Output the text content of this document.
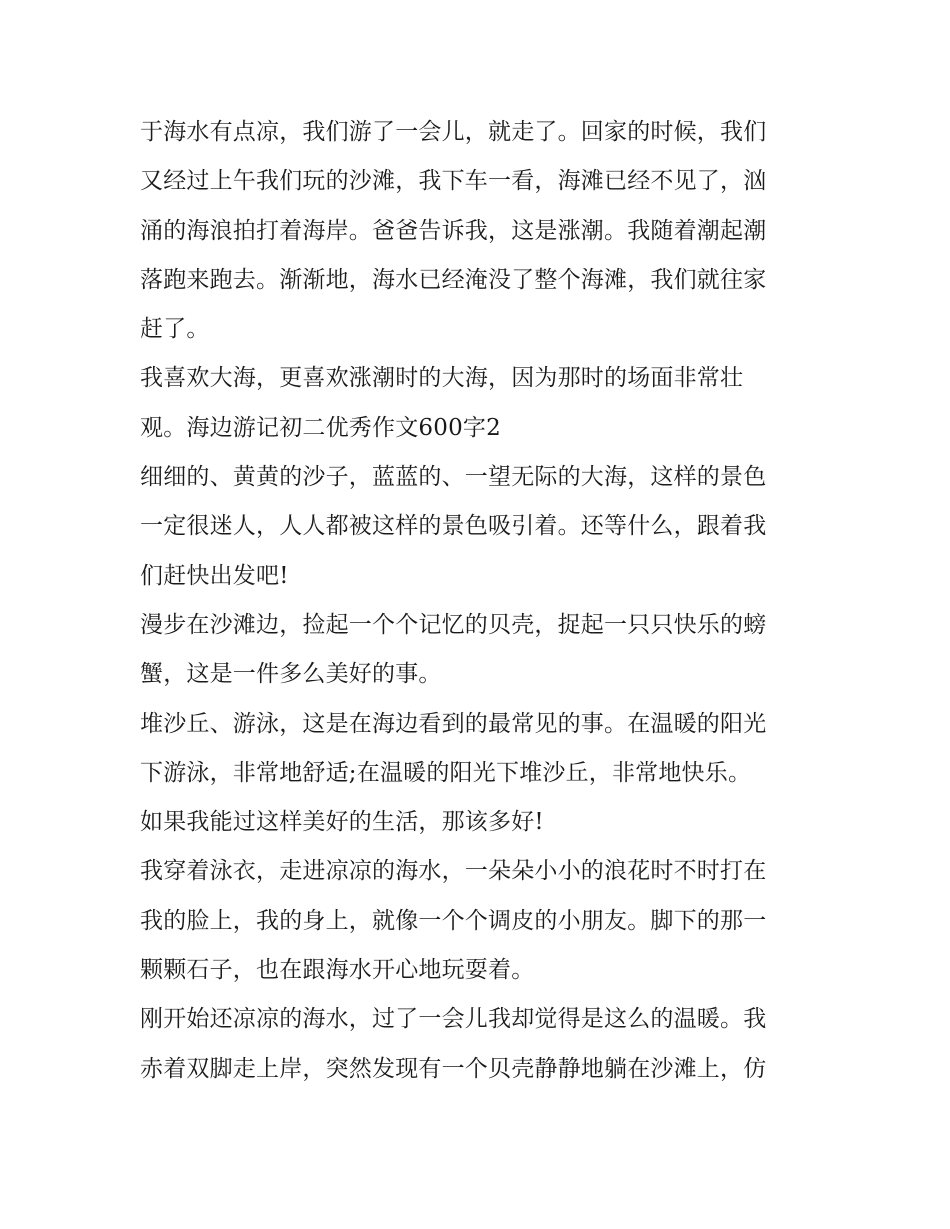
于海水有点凉，我们游了一会儿，就走了。回家的时候，我们
又经过上午我们玩的沙滩，我下车一看，海滩已经不见了，汹
涌的海浪拍打着海岸。爸爸告诉我，这是涨潮。我随着潮起潮
落跑来跑去。渐渐地，海水已经淹没了整个海滩，我们就往家
赶了。

我喜欢大海，更喜欢涨潮时的大海，因为那时的场面非常壮
观。海边游记初二优秀作文600字2

细细的、黄黄的沙子，蓝蓝的、一望无际的大海，这样的景色
一定很迷人，人人都被这样的景色吸引着。还等什么，跟着我
们赶快出发吧!

漫步在沙滩边，捡起一个个记忆的贝壳，捉起一只只快乐的螃
蟹，这是一件多么美好的事。

堆沙丘、游泳，这是在海边看到的最常见的事。在温暖的阳光
下游泳，非常地舒适;在温暖的阳光下堆沙丘，非常地快乐。

如果我能过这样美好的生活，那该多好!

我穿着泳衣，走进凉凉的海水，一朵朵小小的浪花时不时打在
我的脸上，我的身上，就像一个个调皮的小朋友。脚下的那一
颗颗石子，也在跟海水开心地玩耍着。

刚开始还凉凉的海水，过了一会儿我却觉得是这么的温暖。我
赤着双脚走上岸，突然发现有一个贝壳静静地躺在沙滩上，仿
